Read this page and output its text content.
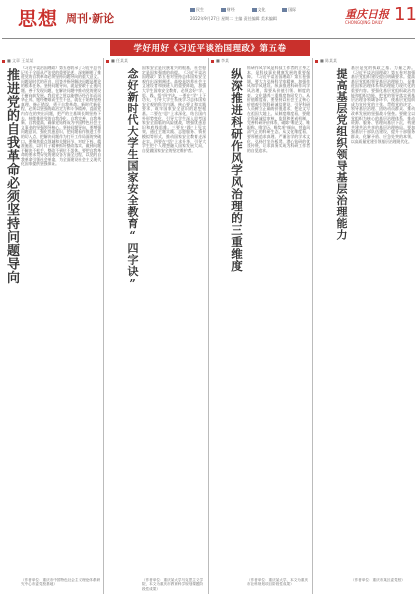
思想 周刊·新论
民生	财经	文化	国际
2022年9月27日 星期二 主编 责任编辑 美术编辑	重庆日报
CHONGQING DAILY 11
学好用好《习近平谈治国理政》第五卷
■ 文章 王某某
推进党的自我革命必须坚持问题导向
《习近平谈治国理政》第五卷收录了习近平总书记关于全面从严治党的重要论述，深刻阐明了推进党的自我革命必须坚持问题导向的重大意义。问题是时代的声音，回答并指导解决问题是理论的根本任务。坚持问题导向，就是要敢于正视问题、善于发现问题，在解决问题中推动党的建设不断向前发展。我们党之所以能够历经百年而风华正茂、饱经磨难而生生不息，就在于始终坚持真理、修正错误，勇于自我革命。新时代新征程，必须以坚强的政治定力和斗争精神，直面党内存在的突出问题，把严的主基调长期坚持下去，持续推进党的自我净化、自我完善、自我革新、自我提高，确保党始终成为中国特色社会主义事业的坚强领导核心。坚持问题导向，要增强问题意识，强化忧患意识，把问题看作推进工作的切入点，把解决问题作为打开工作局面的突破口。要聚焦重点领域和关键环节，对症下药、精准施治，以钉钉子精神抓好整改落实，做到问题不解决不松手、整改不到位不罢休。要把自我革命的要求贯穿党的建设各方面全过程，以党的自我革命引领社会革命，为全面建设社会主义现代化国家提供坚强保证。
（作者单位：重庆市中国特色社会主义理论体系研究中心市委党校基地）
■ 任某某
念好新时代大学生国家安全教育“四字诀”
国家安全是民族复兴的根基，社会稳定是国家强盛的前提。《习近平谈治国理政》第五卷对坚持总体国家安全观作出深刻阐述。高校是培养社会主义建设者和接班人的重要阵地，加强大学生国家安全教育，必须念好“学、思、践、悟”四字诀。一要在“学”上下功夫，引导大学生系统学习总体国家安全观的科学内涵、核心要义和实践要求，筑牢国家安全意识的思想根基。二要在“思”上求深化，结合国内外形势变化，引导大学生深入思考国家安全面临的风险挑战，增强忧患意识和底线思维。三要在“践”上见实效，通过主题实践、志愿服务、情景模拟等形式，推动国家安全教育走深走实。四要在“悟”上求升华，引导大学生把个人理想融入国家发展大局，自觉做国家安全的坚定维护者。
（作者单位：重庆某大学马克思主义学院，本文为重庆市教育科学规划课题阶段性成果）
■ 李某
纵深推进科研作风学风治理的三重维度
科研作风学风是科技工作者的立身之本，是科技事业健康发展的重要保障。《习近平谈治国理政》第五卷强调，要大力弘扬科学家精神，加强作风和学风建设。纵深推进科研作风学风治理，需要从价值引领、制度约束、文化涵养三重维度协同发力。从价值维度看，要坚持以社会主义核心价值观引领科研诚信建设，引导科研人员树立正确的价值追求，把论文写在祖国大地上。从制度维度看，要健全科研诚信审核、监督和惩戒机制，完善科研评价体系，破除“唯论文、唯职称、唯学历、唯奖项”倾向，营造风清气正的科研生态。从文化维度看，要厚植追求真理、严谨治学的学术文化，弘扬甘坐冷板凳、潜心钻研的优良传统，让求真务实成为科研工作者的自觉追求。
（作者单位：重庆某大学，本文为重庆市社科规划项目阶段性成果）
■ 陈某某
提高基层党组织领导基层治理能力
基层是党的执政之基、力量之源。《习近平谈治国理政》第五卷对加强基层党组织建设提出明确要求。提高基层党组织领导基层治理能力，是推进国家治理体系和治理能力现代化的重要内容。要强化基层党组织政治功能和组织功能，把党的领导落实到基层治理各领域各环节，使基层党组织成为宣传党的主张、贯彻党的决定、领导基层治理、团结动员群众、推动改革发展的坚强战斗堡垒。要健全以党组织为核心的基层治理体系，推动资源、服务、管理向基层下沉，构建共建共治共享的基层治理格局。要加强基层干部队伍建设，提升干部服务群众、化解矛盾、应急处突的本领，以高质量党建引领基层治理现代化。
（作者单位：重庆市某区委党校）
